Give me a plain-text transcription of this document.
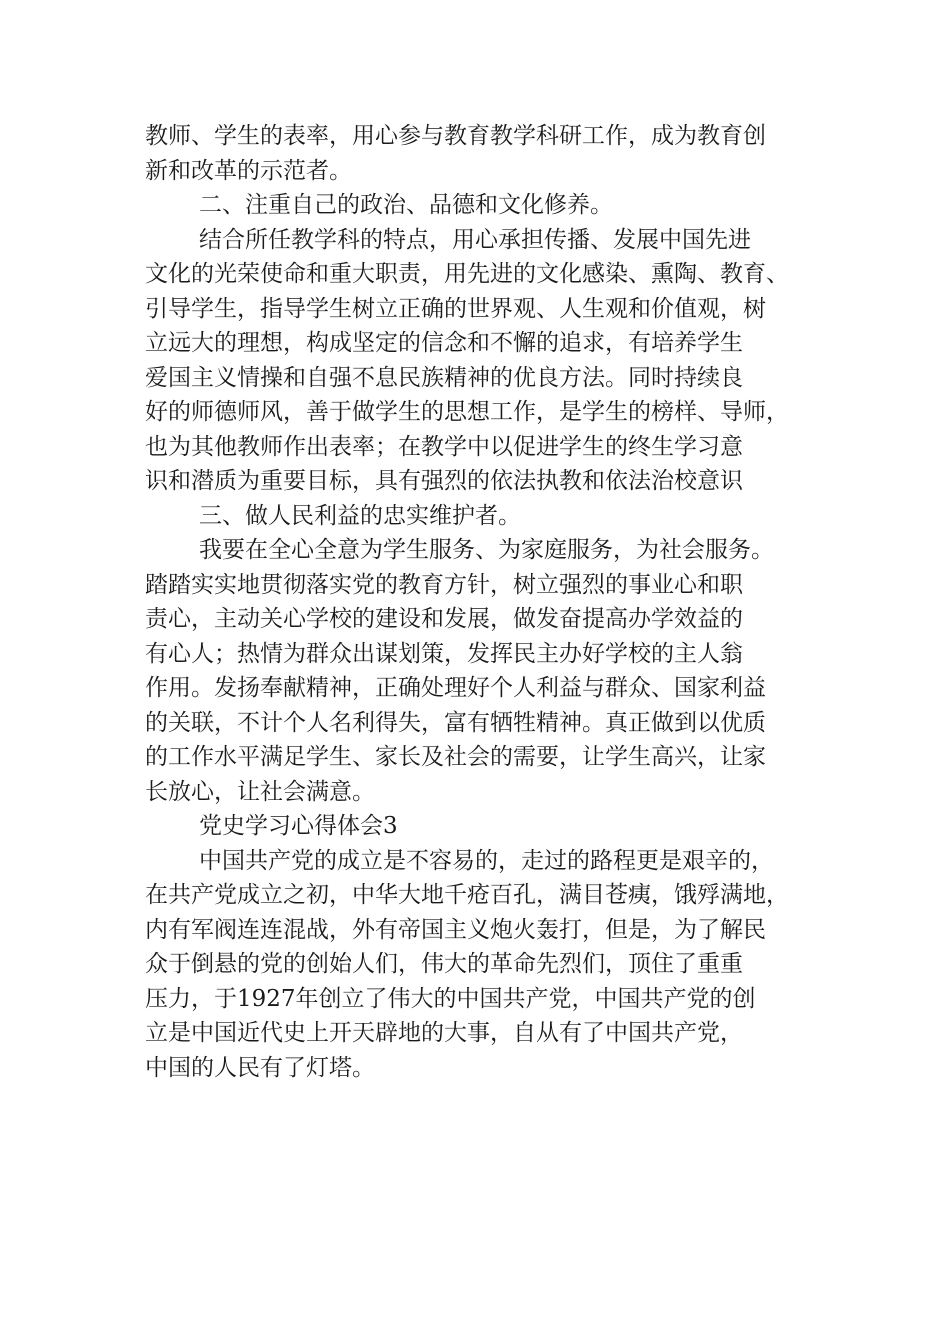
教师、学生的表率，用心参与教育教学科研工作，成为教育创
新和改革的示范者。
二、注重自己的政治、品德和文化修养。
结合所任教学科的特点，用心承担传播、发展中国先进
文化的光荣使命和重大职责，用先进的文化感染、熏陶、教育、
引导学生，指导学生树立正确的世界观、人生观和价值观，树
立远大的理想，构成坚定的信念和不懈的追求，有培养学生
爱国主义情操和自强不息民族精神的优良方法。同时持续良
好的师德师风，善于做学生的思想工作，是学生的榜样、导师，
也为其他教师作出表率；在教学中以促进学生的终生学习意
识和潜质为重要目标，具有强烈的依法执教和依法治校意识
三、做人民利益的忠实维护者。
我要在全心全意为学生服务、为家庭服务，为社会服务。
踏踏实实地贯彻落实党的教育方针，树立强烈的事业心和职
责心，主动关心学校的建设和发展，做发奋提高办学效益的
有心人；热情为群众出谋划策，发挥民主办好学校的主人翁
作用。发扬奉献精神，正确处理好个人利益与群众、国家利益
的关联，不计个人名利得失，富有牺牲精神。真正做到以优质
的工作水平满足学生、家长及社会的需要，让学生高兴，让家
长放心，让社会满意。
党史学习心得体会3
中国共产党的成立是不容易的，走过的路程更是艰辛的，
在共产党成立之初，中华大地千疮百孔，满目苍痍，饿殍满地，
内有军阀连连混战，外有帝国主义炮火轰打，但是，为了解民
众于倒悬的党的创始人们，伟大的革命先烈们，顶住了重重
压力，于1927年创立了伟大的中国共产党，中国共产党的创
立是中国近代史上开天辟地的大事，自从有了中国共产党，
中国的人民有了灯塔。
